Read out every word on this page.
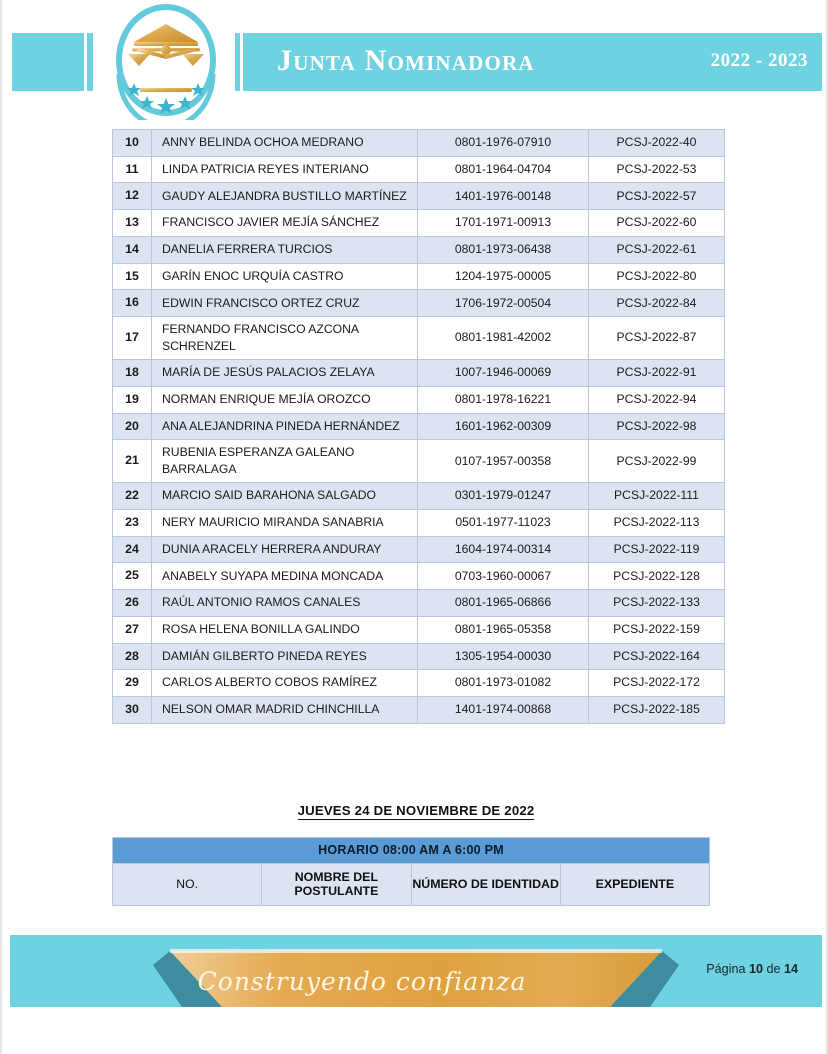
Junta Nominadora	2022 - 2023
10	ANNY BELINDA OCHOA MEDRANO	0801-1976-07910	PCSJ-2022-40
11	LINDA PATRICIA REYES INTERIANO	0801-1964-04704	PCSJ-2022-53
12	GAUDY ALEJANDRA BUSTILLO MARTÍNEZ	1401-1976-00148	PCSJ-2022-57
13	FRANCISCO JAVIER MEJÍA SÁNCHEZ	1701-1971-00913	PCSJ-2022-60
14	DANELIA FERRERA TURCIOS	0801-1973-06438	PCSJ-2022-61
15	GARÍN ENOC URQUÍA CASTRO	1204-1975-00005	PCSJ-2022-80
16	EDWIN FRANCISCO ORTEZ CRUZ	1706-1972-00504	PCSJ-2022-84
17	FERNANDO FRANCISCO AZCONA SCHRENZEL	0801-1981-42002	PCSJ-2022-87
18	MARÍA DE JESÚS PALACIOS ZELAYA	1007-1946-00069	PCSJ-2022-91
19	NORMAN ENRIQUE MEJÍA OROZCO	0801-1978-16221	PCSJ-2022-94
20	ANA ALEJANDRINA PINEDA HERNÁNDEZ	1601-1962-00309	PCSJ-2022-98
21	RUBENIA ESPERANZA GALEANO BARRALAGA	0107-1957-00358	PCSJ-2022-99
22	MARCIO SAID BARAHONA SALGADO	0301-1979-01247	PCSJ-2022-111
23	NERY MAURICIO MIRANDA SANABRIA	0501-1977-11023	PCSJ-2022-113
24	DUNIA ARACELY HERRERA ANDURAY	1604-1974-00314	PCSJ-2022-119
25	ANABELY SUYAPA MEDINA MONCADA	0703-1960-00067	PCSJ-2022-128
26	RAÚL ANTONIO RAMOS CANALES	0801-1965-06866	PCSJ-2022-133
27	ROSA HELENA BONILLA GALINDO	0801-1965-05358	PCSJ-2022-159
28	DAMIÁN GILBERTO PINEDA REYES	1305-1954-00030	PCSJ-2022-164
29	CARLOS ALBERTO COBOS RAMÍREZ	0801-1973-01082	PCSJ-2022-172
30	NELSON OMAR MADRID CHINCHILLA	1401-1974-00868	PCSJ-2022-185
JUEVES 24 DE NOVIEMBRE DE 2022
HORARIO 08:00 AM A 6:00 PM
NO.	NOMBRE DEL POSTULANTE	NÚMERO DE IDENTIDAD	EXPEDIENTE
Construyendo confianza	Página 10 de 14
